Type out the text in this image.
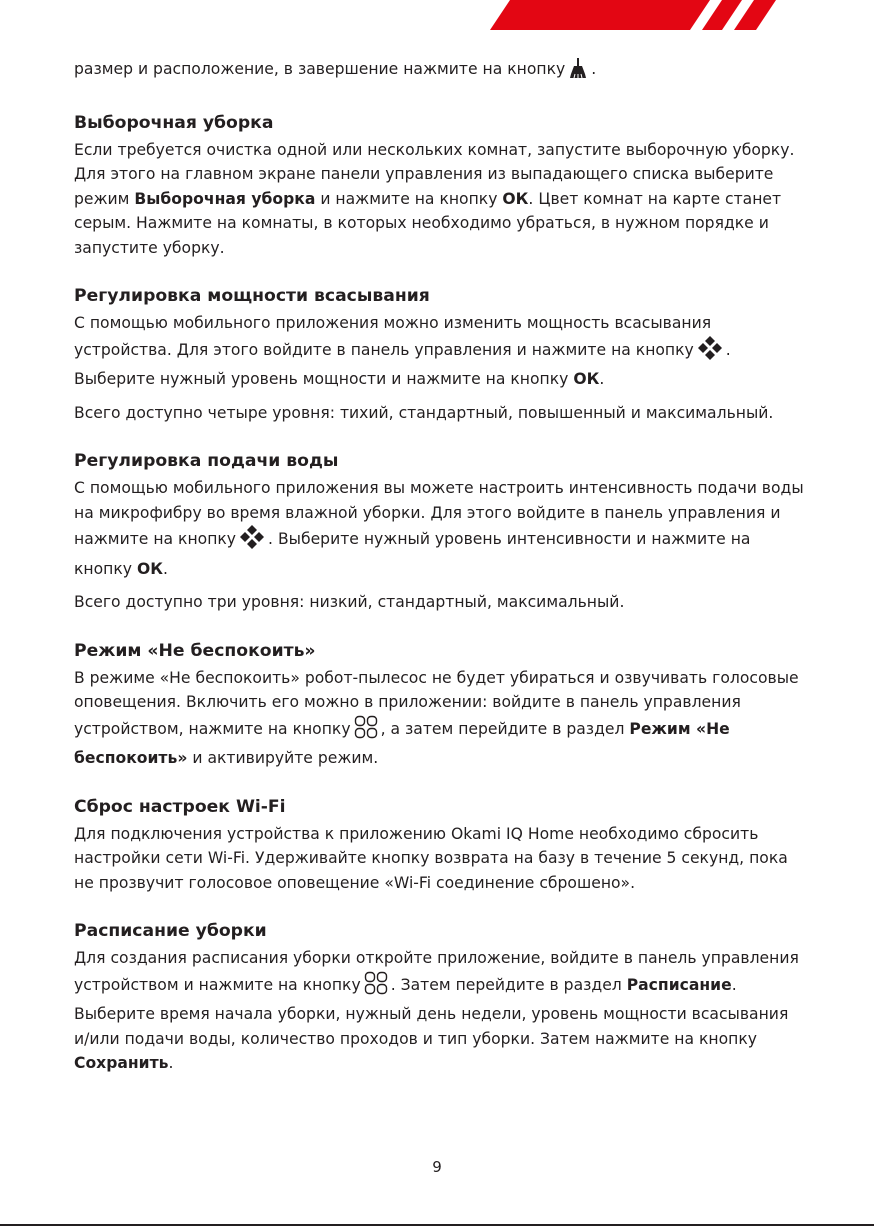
размер и расположение, в завершение нажмите на кнопку .

Выборочная уборка

Если требуется очистка одной или нескольких комнат, запустите выборочную уборку. Для этого на главном экране панели управления из выпадающего списка выберите режим Выборочная уборка и нажмите на кнопку ОК. Цвет комнат на карте станет серым. Нажмите на комнаты, в которых необходимо убраться, в нужном порядке и запустите уборку.

Регулировка мощности всасывания

С помощью мобильного приложения можно изменить мощность всасывания устройства. Для этого войдите в панель управления и нажмите на кнопку . Выберите нужный уровень мощности и нажмите на кнопку ОК.

Всего доступно четыре уровня: тихий, стандартный, повышенный и максимальный.

Регулировка подачи воды

С помощью мобильного приложения вы можете настроить интенсивность подачи воды на микрофибру во время влажной уборки. Для этого войдите в панель управления и нажмите на кнопку . Выберите нужный уровень интенсивности и нажмите на кнопку ОК.

Всего доступно три уровня: низкий, стандартный, максимальный.

Режим «Не беспокоить»

В режиме «Не беспокоить» робот-пылесос не будет убираться и озвучивать голосовые оповещения. Включить его можно в приложении: войдите в панель управления устройством, нажмите на кнопку , а затем перейдите в раздел Режим «Не беспокоить» и активируйте режим.

Сброс настроек Wi-Fi

Для подключения устройства к приложению Okami IQ Home необходимо сбросить настройки сети Wi-Fi. Удерживайте кнопку возврата на базу в течение 5 секунд, пока не прозвучит голосовое оповещение «Wi-Fi соединение сброшено».

Расписание уборки

Для создания расписания уборки откройте приложение, войдите в панель управления устройством и нажмите на кнопку . Затем перейдите в раздел Расписание. Выберите время начала уборки, нужный день недели, уровень мощности всасывания и/или подачи воды, количество проходов и тип уборки. Затем нажмите на кнопку Сохранить.

9
